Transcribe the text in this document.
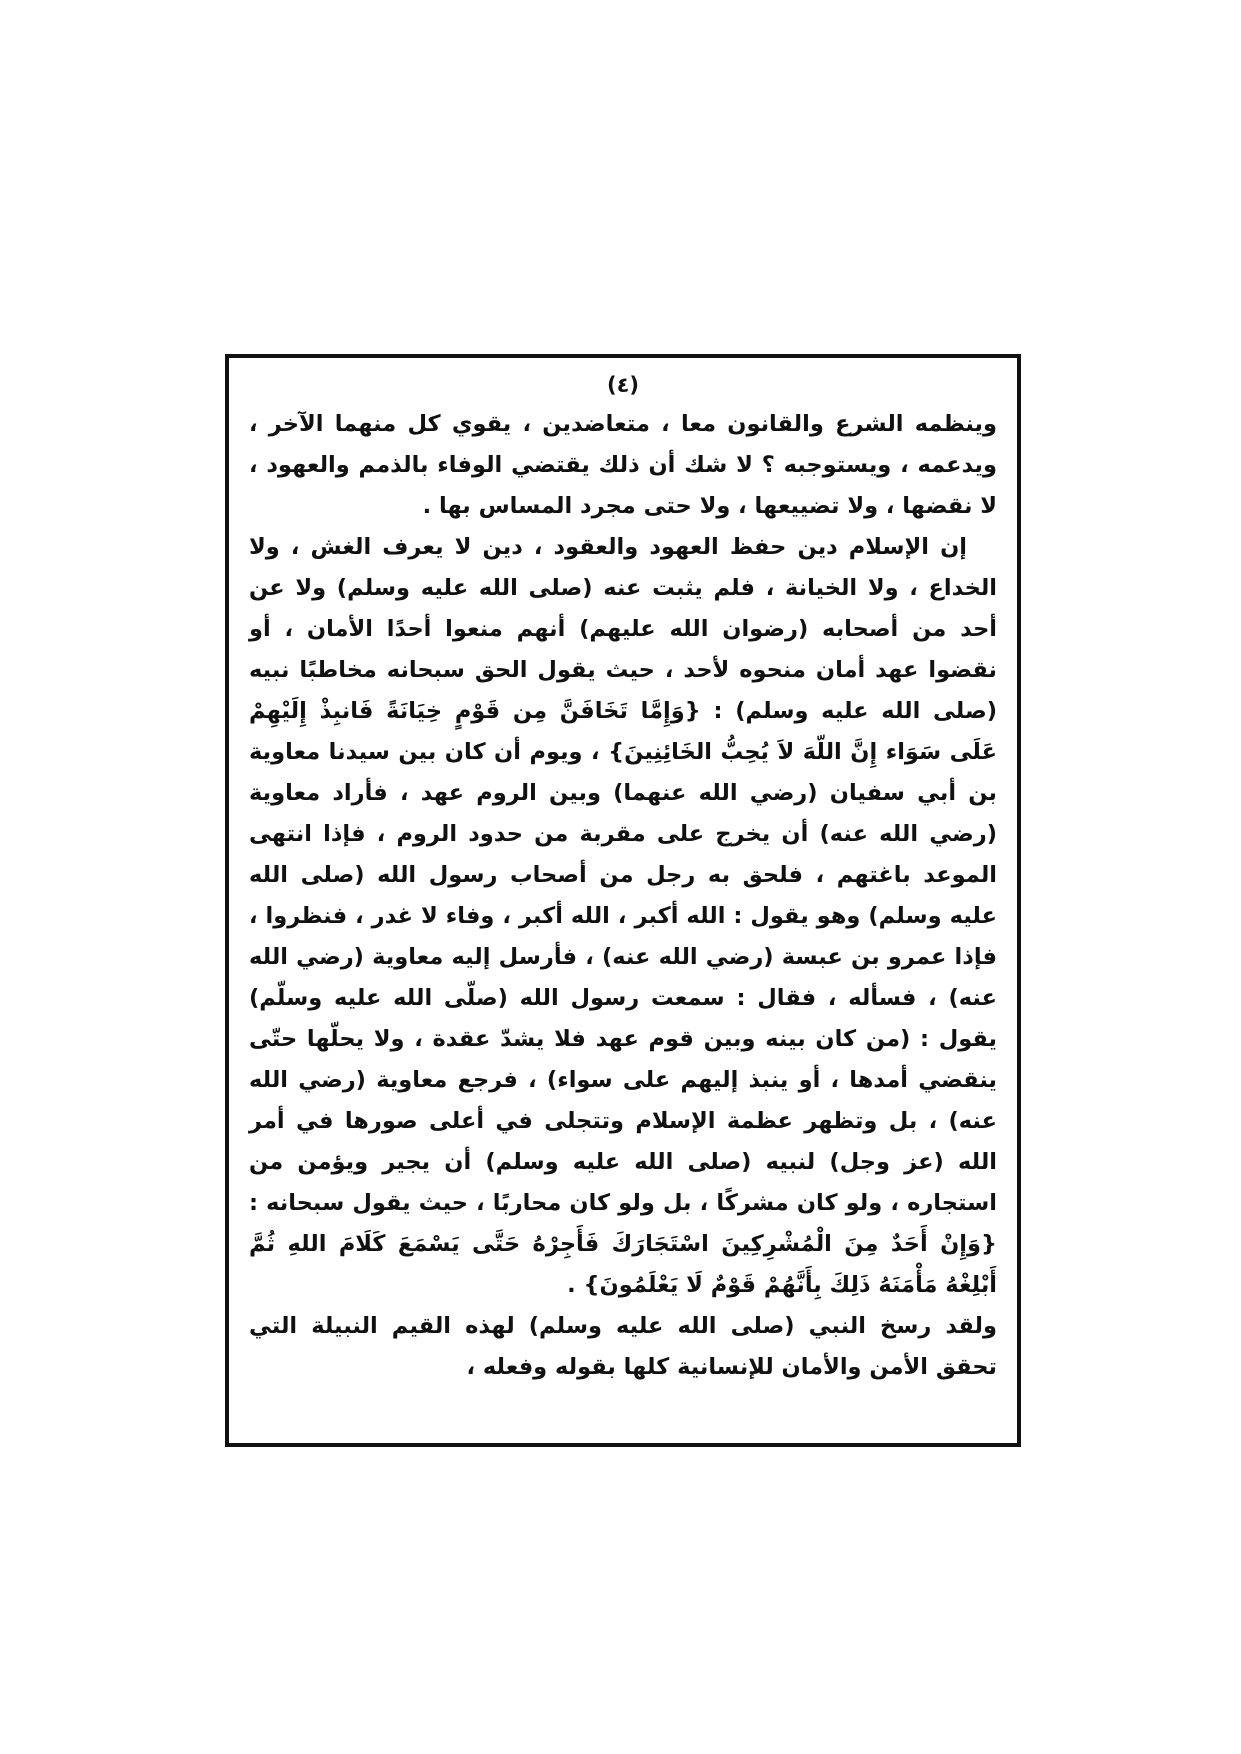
(٤)

وينظمه الشرع والقانون معا ، متعاضدين ، يقوي كل منهما الآخر ، ويدعمه ، ويستوجبه ؟ لا شك أن ذلك يقتضي الوفاء بالذمم والعهود ، لا نقضها ، ولا تضييعها ، ولا حتى مجرد المساس بها .

إن الإسلام دين حفظ العهود والعقود ، دين لا يعرف الغش ، ولا الخداع ، ولا الخيانة ، فلم يثبت عنه (صلى الله عليه وسلم) ولا عن أحد من أصحابه (رضوان الله عليهم) أنهم منعوا أحدًا الأمان ، أو نقضوا عهد أمان منحوه لأحد ، حيث يقول الحق سبحانه مخاطبًا نبيه (صلى الله عليه وسلم) : {وَإِمَّا تَخَافَنَّ مِن قَوْمٍ خِيَانَةً فَانبِذْ إِلَيْهِمْ عَلَى سَوَاء إِنَّ اللّهَ لاَ يُحِبُّ الخَائِنِينَ} ، ويوم أن كان بين سيدنا معاوية بن أبي سفيان (رضي الله عنهما) وبين الروم عهد ، فأراد معاوية (رضي الله عنه) أن يخرج على مقربة من حدود الروم ، فإذا انتهى الموعد باغتهم ، فلحق به رجل من أصحاب رسول الله (صلى الله عليه وسلم) وهو يقول : الله أكبر ، الله أكبر ، وفاء لا غدر ، فنظروا ، فإذا عمرو بن عبسة (رضي الله عنه) ، فأرسل إليه معاوية (رضي الله عنه) ، فسأله ، فقال : سمعت رسول الله (صلّى الله عليه وسلّم) يقول : (من كان بينه وبين قوم عهد فلا يشدّ عقدة ، ولا يحلّها حتّى ينقضي أمدها ، أو ينبذ إليهم على سواء) ، فرجع معاوية (رضي الله عنه) ، بل وتظهر عظمة الإسلام وتتجلى في أعلى صورها في أمر الله (عز وجل) لنبيه (صلى الله عليه وسلم) أن يجير ويؤمن من استجاره ، ولو كان مشركًا ، بل ولو كان محاربًا ، حيث يقول سبحانه : {وَإِنْ أَحَدٌ مِنَ الْمُشْرِكِينَ اسْتَجَارَكَ فَأَجِرْهُ حَتَّى يَسْمَعَ كَلَامَ اللهِ ثُمَّ أَبْلِغْهُ مَأْمَنَهُ ذَلِكَ بِأَنَّهُمْ قَوْمٌ لَا يَعْلَمُونَ} .

ولقد رسخ النبي (صلى الله عليه وسلم) لهذه القيم النبيلة التي تحقق الأمن والأمان للإنسانية كلها بقوله وفعله ،
